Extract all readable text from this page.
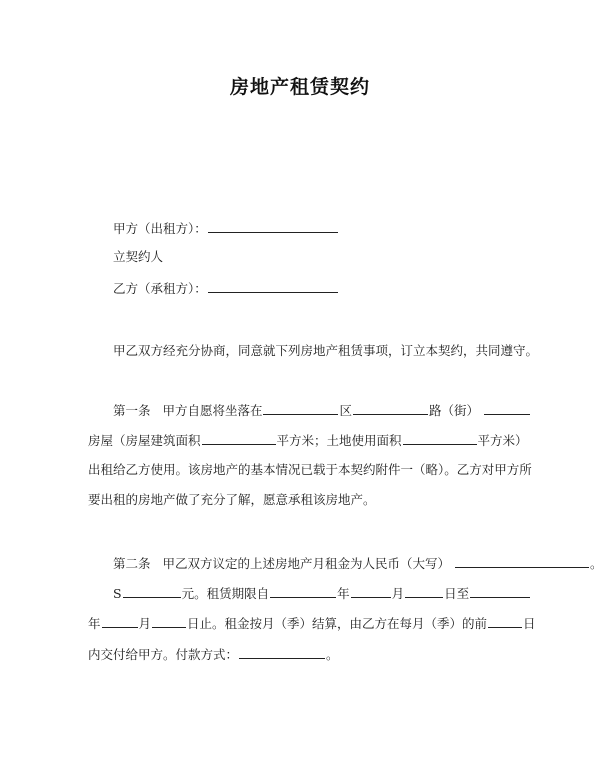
房地产租赁契约
甲方（出租方）：
立契约人
乙方（承租方）：
甲乙双方经充分协商，同意就下列房地产租赁事项，订立本契约，共同遵守。
第一条 甲方自愿将坐落在	区	路（街）
房屋（房屋建筑面积	平方米；土地使用面积	平方米）
出租给乙方使用。该房地产的基本情况已载于本契约附件一（略）。乙方对甲方所
要出租的房地产做了充分了解，愿意承租该房地产。
第二条 甲乙双方议定的上述房地产月租金为人民币（大写）	。
S	元。租赁期限自	年	月	日至
年	月	日止。租金按月（季）结算，由乙方在每月（季）的前	日
内交付给甲方。付款方式：	。
